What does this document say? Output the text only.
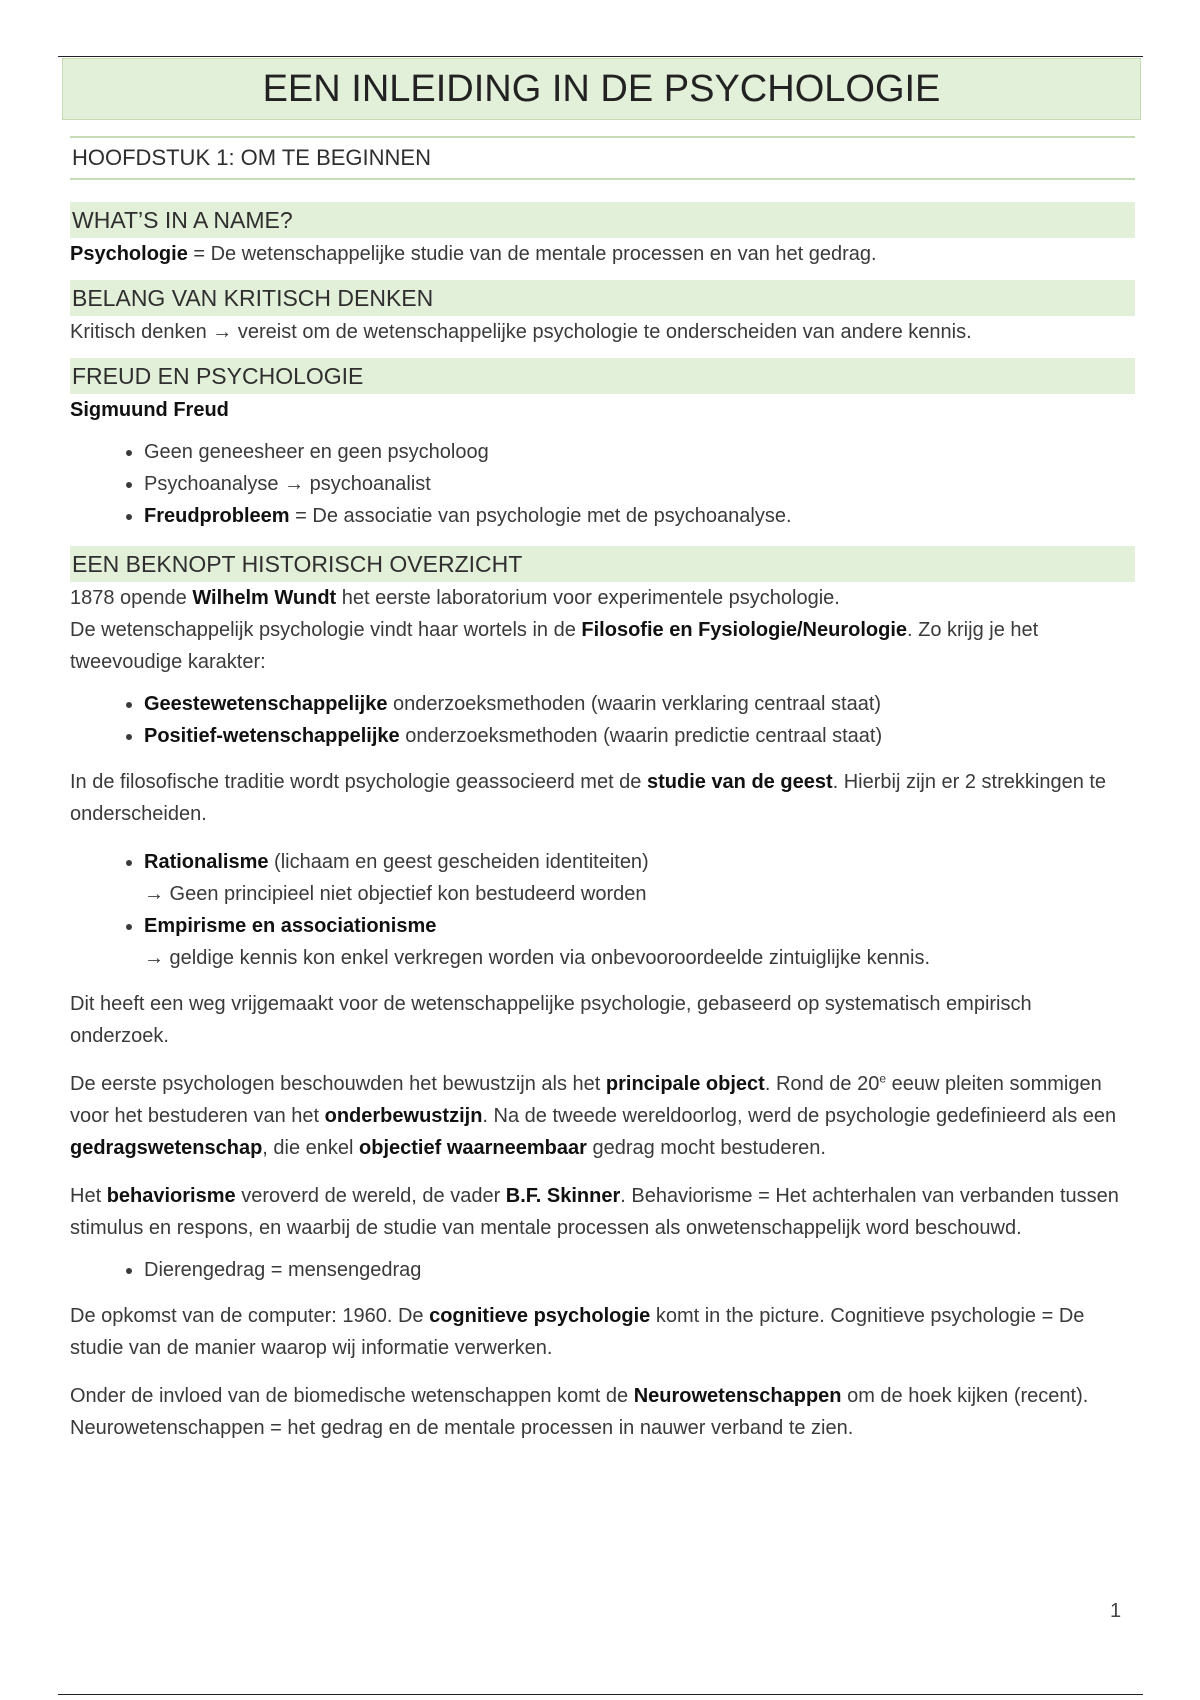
EEN INLEIDING IN DE PSYCHOLOGIE
HOOFDSTUK 1: OM TE BEGINNEN
WHAT’S IN A NAME?

Psychologie = De wetenschappelijke studie van de mentale processen en van het gedrag.

BELANG VAN KRITISCH DENKEN

Kritisch denken → vereist om de wetenschappelijke psychologie te onderscheiden van andere kennis.

FREUD EN PSYCHOLOGIE

Sigmuund Freud

• Geen geneesheer en geen psycholoog
• Psychoanalyse → psychoanalist
• Freudprobleem = De associatie van psychologie met de psychoanalyse.
EEN BEKNOPT HISTORISCH OVERZICHT

1878 opende Wilhelm Wundt het eerste laboratorium voor experimentele psychologie.
De wetenschappelijk psychologie vindt haar wortels in de Filosofie en Fysiologie/Neurologie. Zo krijg je het tweevoudige karakter:

• Geestewetenschappelijke onderzoeksmethoden (waarin verklaring centraal staat)
• Positief-wetenschappelijke onderzoeksmethoden (waarin predictie centraal staat)

In de filosofische traditie wordt psychologie geassocieerd met de studie van de geest. Hierbij zijn er 2 strekkingen te onderscheiden.

• Rationalisme (lichaam en geest gescheiden identiteiten)
→ Geen principieel niet objectief kon bestudeerd worden
• Empirisme en associationisme
→ geldige kennis kon enkel verkregen worden via onbevooroordeelde zintuiglijke kennis.

Dit heeft een weg vrijgemaakt voor de wetenschappelijke psychologie, gebaseerd op systematisch empirisch onderzoek.

De eerste psychologen beschouwden het bewustzijn als het principale object. Rond de 20e eeuw pleiten sommigen voor het bestuderen van het onderbewustzijn. Na de tweede wereldoorlog, werd de psychologie gedefinieerd als een gedragswetenschap, die enkel objectief waarneembaar gedrag mocht bestuderen.

Het behaviorisme veroverd de wereld, de vader B.F. Skinner. Behaviorisme = Het achterhalen van verbanden tussen stimulus en respons, en waarbij de studie van mentale processen als onwetenschappelijk word beschouwd.

• Dierengedrag = mensengedrag

De opkomst van de computer: 1960. De cognitieve psychologie komt in the picture. Cognitieve psychologie = De studie van de manier waarop wij informatie verwerken.

Onder de invloed van de biomedische wetenschappen komt de Neurowetenschappen om de hoek kijken (recent). Neurowetenschappen = het gedrag en de mentale processen in nauwer verband te zien.

1
